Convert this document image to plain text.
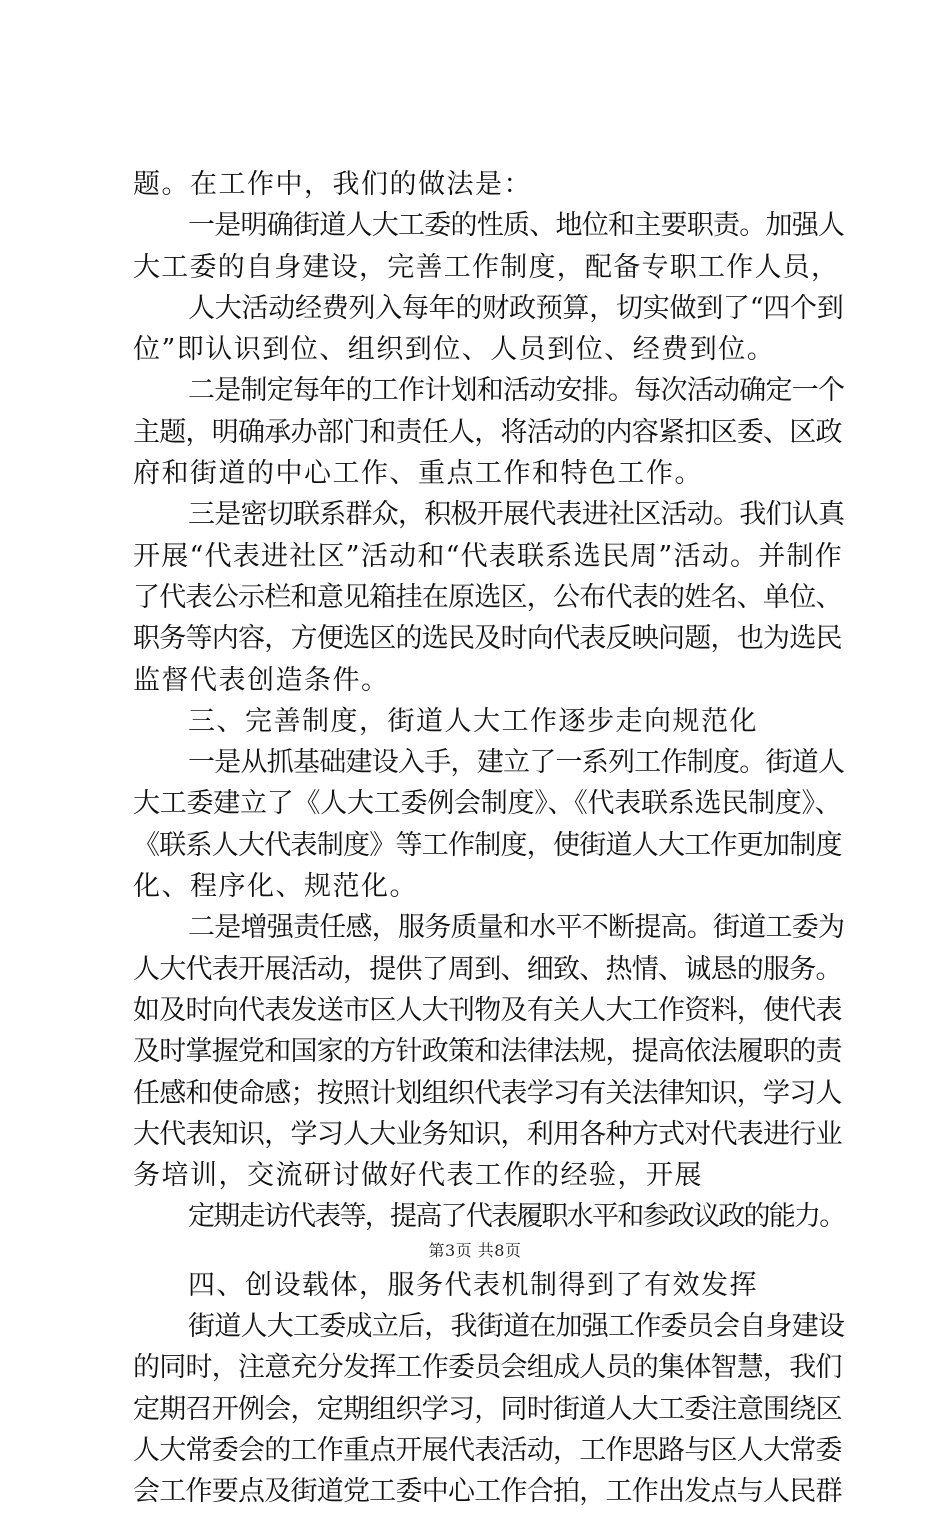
题。在工作中，我们的做法是：
一是明确街道人大工委的性质、地位和主要职责。加强人
大工委的自身建设，完善工作制度，配备专职工作人员，
人大活动经费列入每年的财政预算，切实做到了“四个到
位”即认识到位、组织到位、人员到位、经费到位。
二是制定每年的工作计划和活动安排。每次活动确定一个
主题，明确承办部门和责任人，将活动的内容紧扣区委、区政
府和街道的中心工作、重点工作和特色工作。
三是密切联系群众，积极开展代表进社区活动。我们认真
开展“代表进社区”活动和“代表联系选民周”活动。并制作
了代表公示栏和意见箱挂在原选区，公布代表的姓名、单位、
职务等内容，方便选区的选民及时向代表反映问题，也为选民
监督代表创造条件。
三、完善制度，街道人大工作逐步走向规范化
一是从抓基础建设入手，建立了一系列工作制度。街道人
大工委建立了《人大工委例会制度》、《代表联系选民制度》、
《联系人大代表制度》等工作制度，使街道人大工作更加制度
化、程序化、规范化。
二是增强责任感，服务质量和水平不断提高。街道工委为
人大代表开展活动，提供了周到、细致、热情、诚恳的服务。
如及时向代表发送市区人大刊物及有关人大工作资料，使代表
及时掌握党和国家的方针政策和法律法规，提高依法履职的责
任感和使命感；按照计划组织代表学习有关法律知识，学习人
大代表知识，学习人大业务知识，利用各种方式对代表进行业
务培训，交流研讨做好代表工作的经验，开展
定期走访代表等，提高了代表履职水平和参政议政的能力。
四、创设载体，服务代表机制得到了有效发挥
街道人大工委成立后，我街道在加强工作委员会自身建设
的同时，注意充分发挥工作委员会组成人员的集体智慧，我们
定期召开例会，定期组织学习，同时街道人大工委注意围绕区
人大常委会的工作重点开展代表活动，工作思路与区人大常委
会工作要点及街道党工委中心工作合拍，工作出发点与人民群
第3页 共8页
